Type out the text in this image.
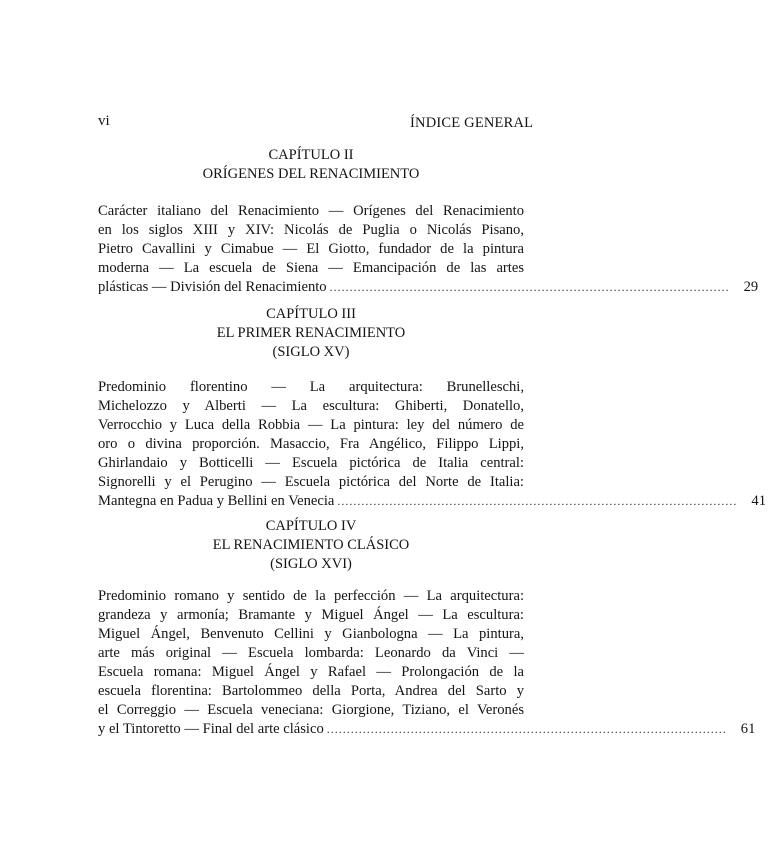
vi	ÍNDICE GENERAL
CAPÍTULO II
ORÍGENES DEL RENACIMIENTO
Carácter italiano del Renacimiento — Orígenes del Renacimiento
en los siglos XIII y XIV: Nicolás de Puglia o Nicolás Pisano,
Pietro Cavallini y Cimabue — El Giotto, fundador de la pintura
moderna — La escuela de Siena — Emancipación de las artes
plásticas — División del Renacimiento .................................................................................................... 29
CAPÍTULO III
EL PRIMER RENACIMIENTO
(SIGLO XV)
Predominio florentino — La arquitectura: Brunelleschi,
Michelozzo y Alberti — La escultura: Ghiberti, Donatello,
Verrocchio y Luca della Robbia — La pintura: ley del número de
oro o divina proporción. Masaccio, Fra Angélico, Filippo Lippi,
Ghirlandaio y Botticelli — Escuela pictórica de Italia central:
Signorelli y el Perugino — Escuela pictórica del Norte de Italia:
Mantegna en Padua y Bellini en Venecia .................................................................................................... 41
CAPÍTULO IV
EL RENACIMIENTO CLÁSICO
(SIGLO XVI)
Predominio romano y sentido de la perfección — La arquitectura:
grandeza y armonía; Bramante y Miguel Ángel — La escultura:
Miguel Ángel, Benvenuto Cellini y Gianbologna — La pintura,
arte más original — Escuela lombarda: Leonardo da Vinci —
Escuela romana: Miguel Ángel y Rafael — Prolongación de la
escuela florentina: Bartolommeo della Porta, Andrea del Sarto y
el Correggio — Escuela veneciana: Giorgione, Tiziano, el Veronés
y el Tintoretto — Final del arte clásico .................................................................................................... 61
